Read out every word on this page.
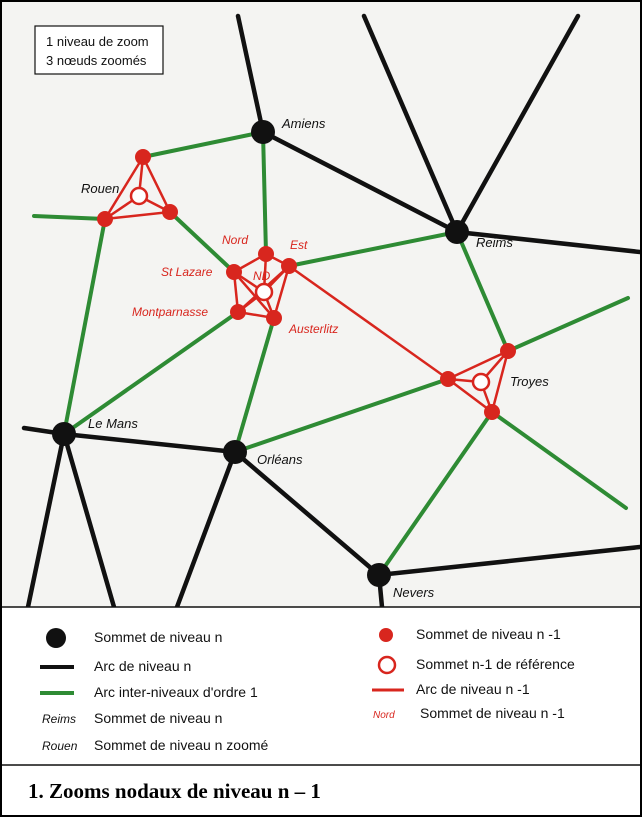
Amiens
Reims
Rouen
Le Mans
Orléans
Nevers
Troyes
Nord	Est
St Lazare	ND
Montparnasse
Austerlitz
1 niveau de zoom
3 nœuds zoomés
Sommet de niveau n
Arc de niveau n
Arc inter-niveaux d'ordre 1
Reims Sommet de niveau n
Rouen Sommet de niveau n zoomé
Sommet de niveau n -1
Sommet n-1 de référence
Arc de niveau n -1
Nord Sommet de niveau n -1
1. Zooms nodaux de niveau n – 1
